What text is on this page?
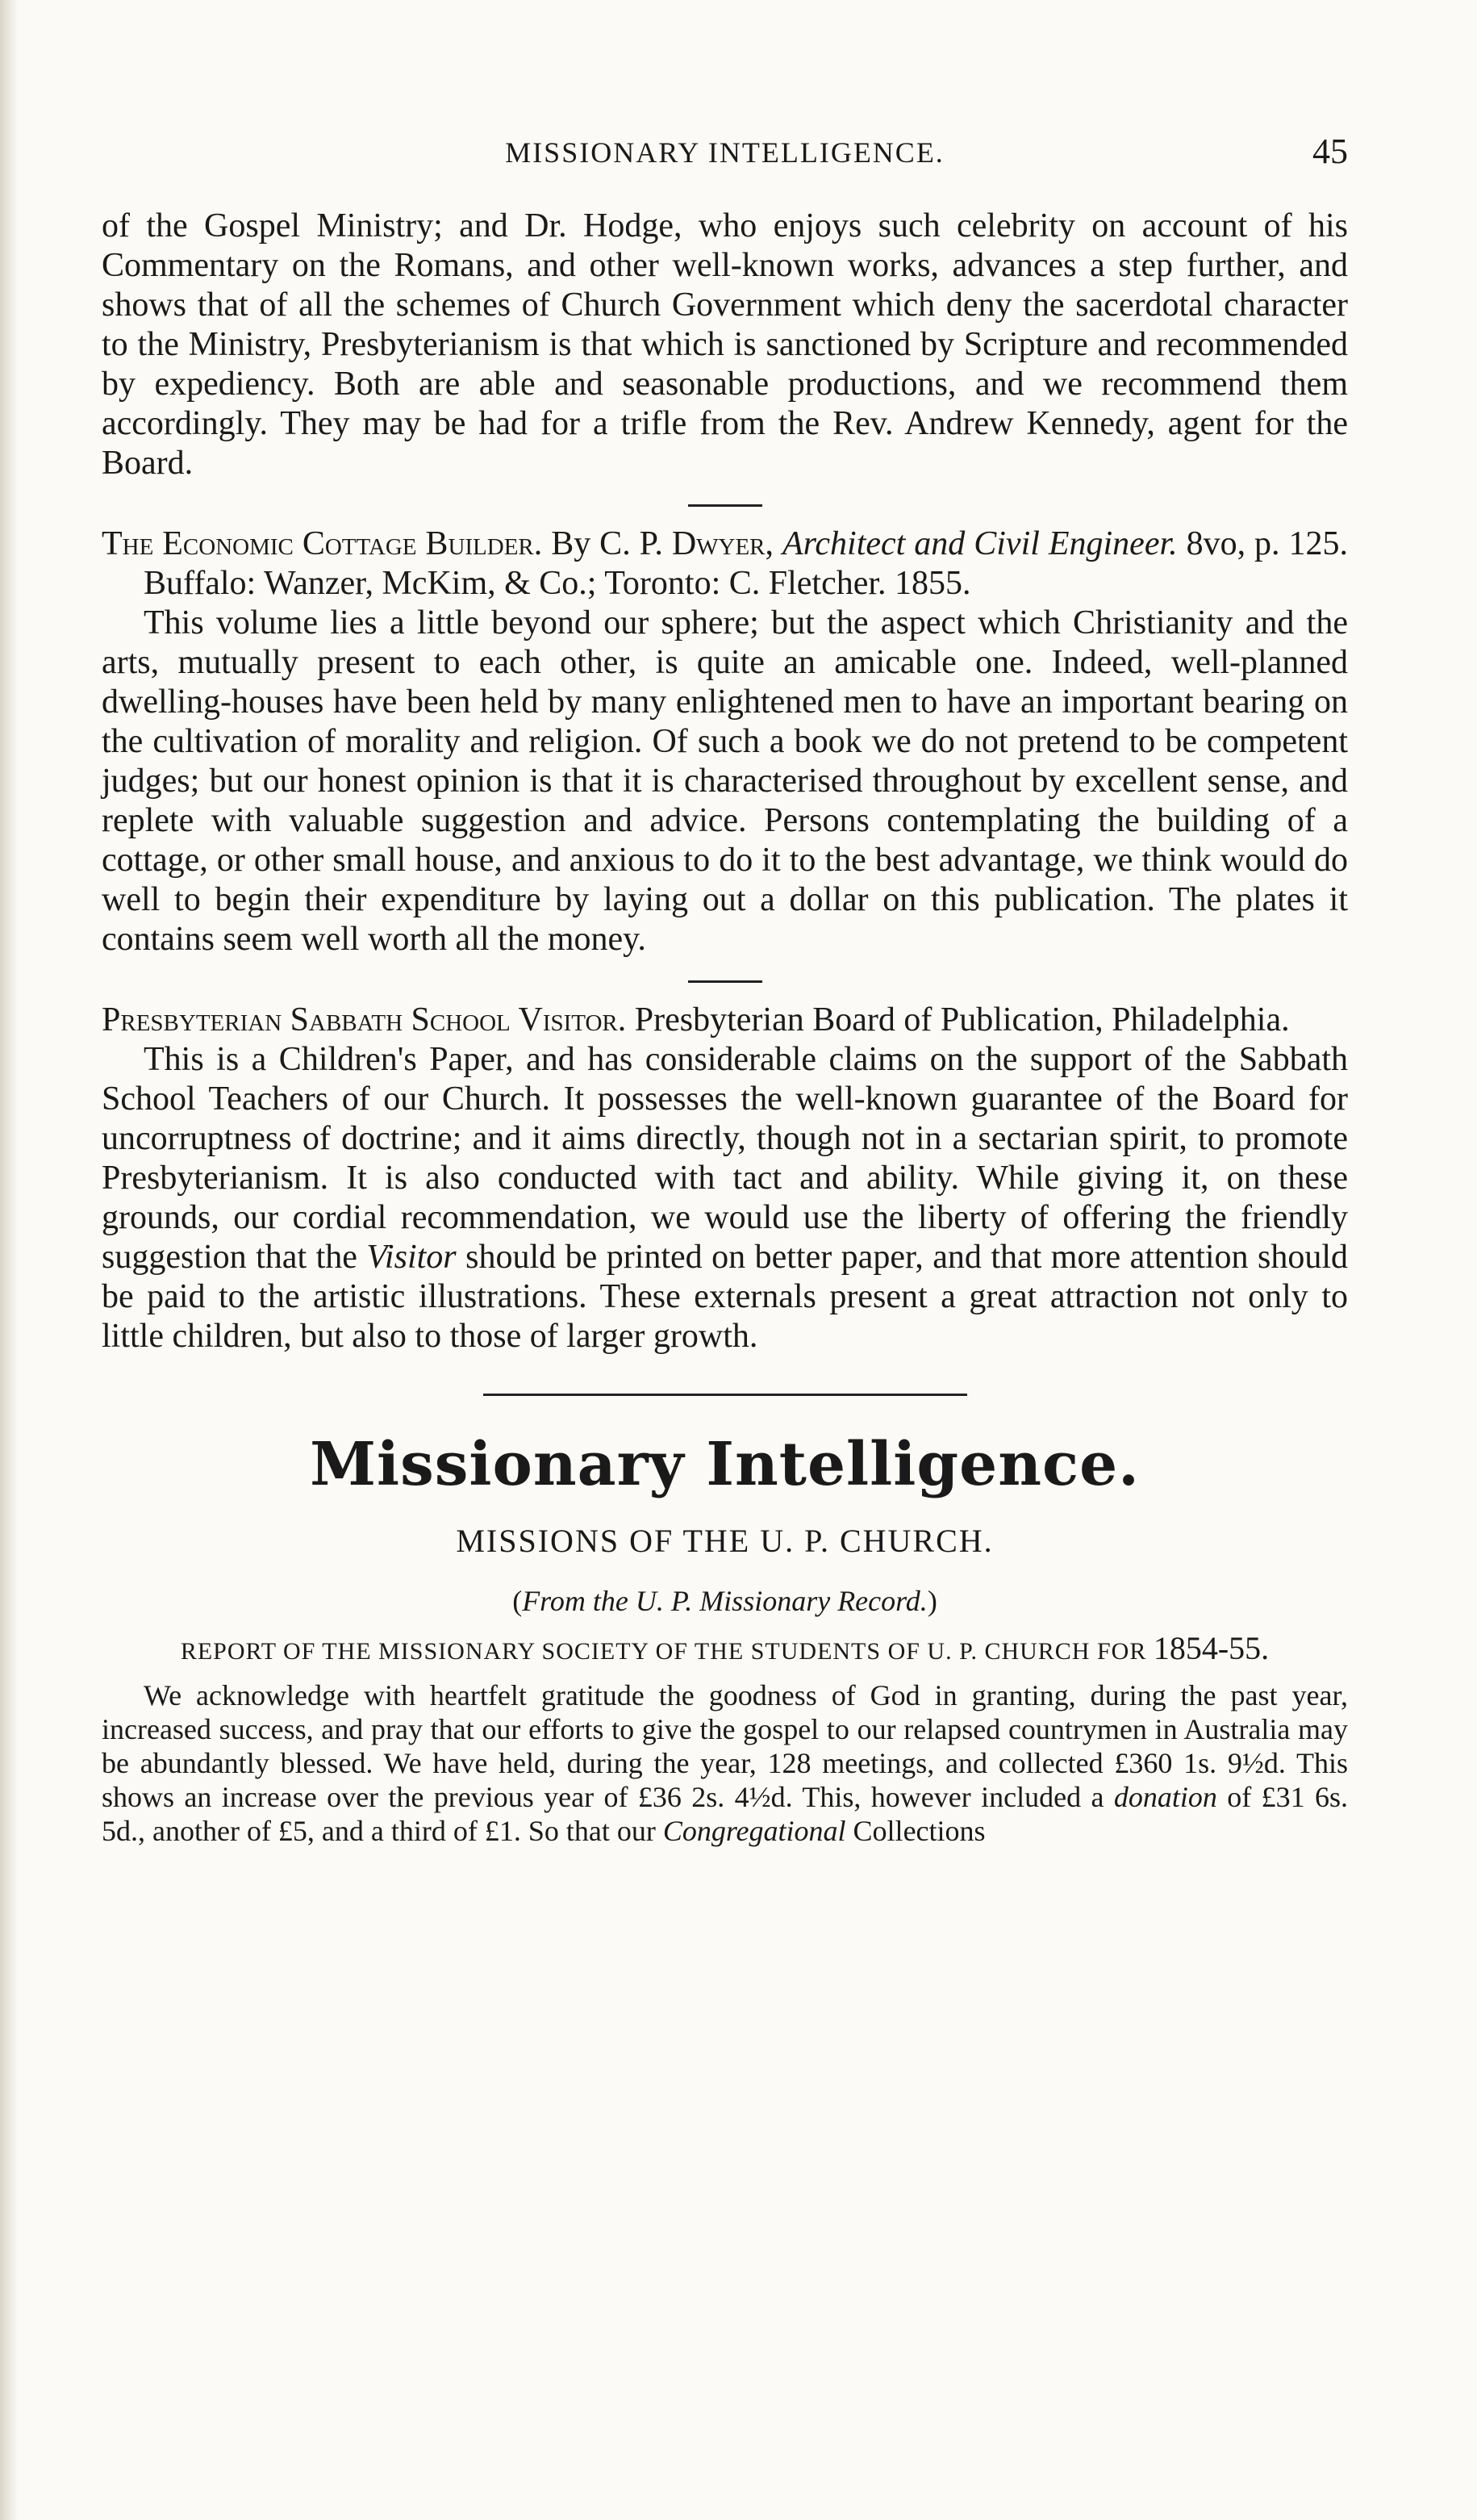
MISSIONARY INTELLIGENCE.	45

of the Gospel Ministry; and Dr. Hodge, who enjoys such celebrity on account of his Commentary on the Romans, and other well-known works, advances a step further, and shows that of all the schemes of Church Government which deny the sacerdotal character to the Ministry, Presbyterianism is that which is sanctioned by Scripture and recommended by expediency. Both are able and seasonable productions, and we recommend them accordingly. They may be had for a trifle from the Rev. Andrew Kennedy, agent for the Board.

The Economic Cottage Builder. By C. P. Dwyer, Architect and Civil Engineer. 8vo, p. 125. Buffalo: Wanzer, McKim, & Co.; Toronto: C. Fletcher. 1855.

This volume lies a little beyond our sphere; but the aspect which Christianity and the arts, mutually present to each other, is quite an amicable one. Indeed, well-planned dwelling-houses have been held by many enlightened men to have an important bearing on the cultivation of morality and religion. Of such a book we do not pretend to be competent judges; but our honest opinion is that it is characterised throughout by excellent sense, and replete with valuable suggestion and advice. Persons contemplating the building of a cottage, or other small house, and anxious to do it to the best advantage, we think would do well to begin their expenditure by laying out a dollar on this publication. The plates it contains seem well worth all the money.

Presbyterian Sabbath School Visitor. Presbyterian Board of Publication, Philadelphia.

This is a Children's Paper, and has considerable claims on the support of the Sabbath School Teachers of our Church. It possesses the well-known guarantee of the Board for uncorruptness of doctrine; and it aims directly, though not in a sectarian spirit, to promote Presbyterianism. It is also conducted with tact and ability. While giving it, on these grounds, our cordial recommendation, we would use the liberty of offering the friendly suggestion that the Visitor should be printed on better paper, and that more attention should be paid to the artistic illustrations. These externals present a great attraction not only to little children, but also to those of larger growth.

Missionary Intelligence.
MISSIONS OF THE U. P. CHURCH.
(From the U. P. Missionary Record.)
REPORT OF THE MISSIONARY SOCIETY OF THE STUDENTS OF U. P. CHURCH FOR 1854-55.

We acknowledge with heartfelt gratitude the goodness of God in granting, during the past year, increased success, and pray that our efforts to give the gospel to our relapsed countrymen in Australia may be abundantly blessed. We have held, during the year, 128 meetings, and collected £360 1s. 9½d. This shows an increase over the previous year of £36 2s. 4½d. This, however included a donation of £31 6s. 5d., another of £5, and a third of £1. So that our Congregational Collections
